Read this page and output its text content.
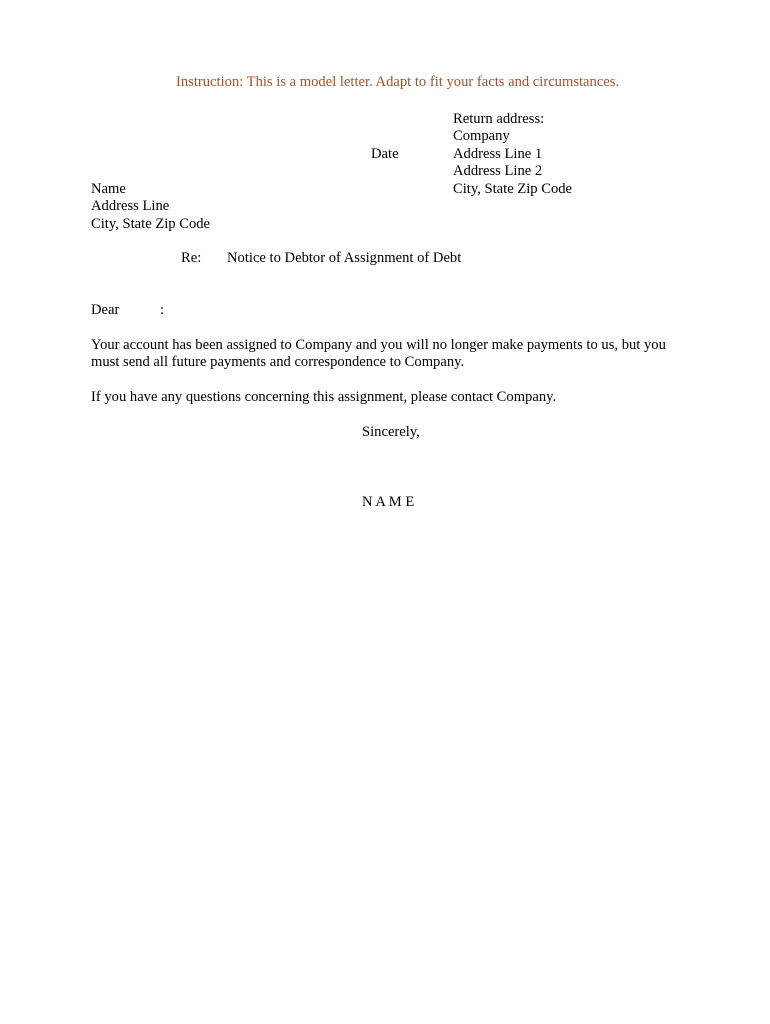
Instruction: This is a model letter. Adapt to fit your facts and circumstances.
Return address:
Company
Address Line 1
Address Line 2
City, State Zip Code
Date
Name
Address Line
City, State Zip Code
Re: Notice to Debtor of Assignment of Debt
Dear	:
Your account has been assigned to Company and you will no longer make payments to us, but you
must send all future payments and correspondence to Company.
If you have any questions concerning this assignment, please contact Company.
Sincerely,
N A M E
